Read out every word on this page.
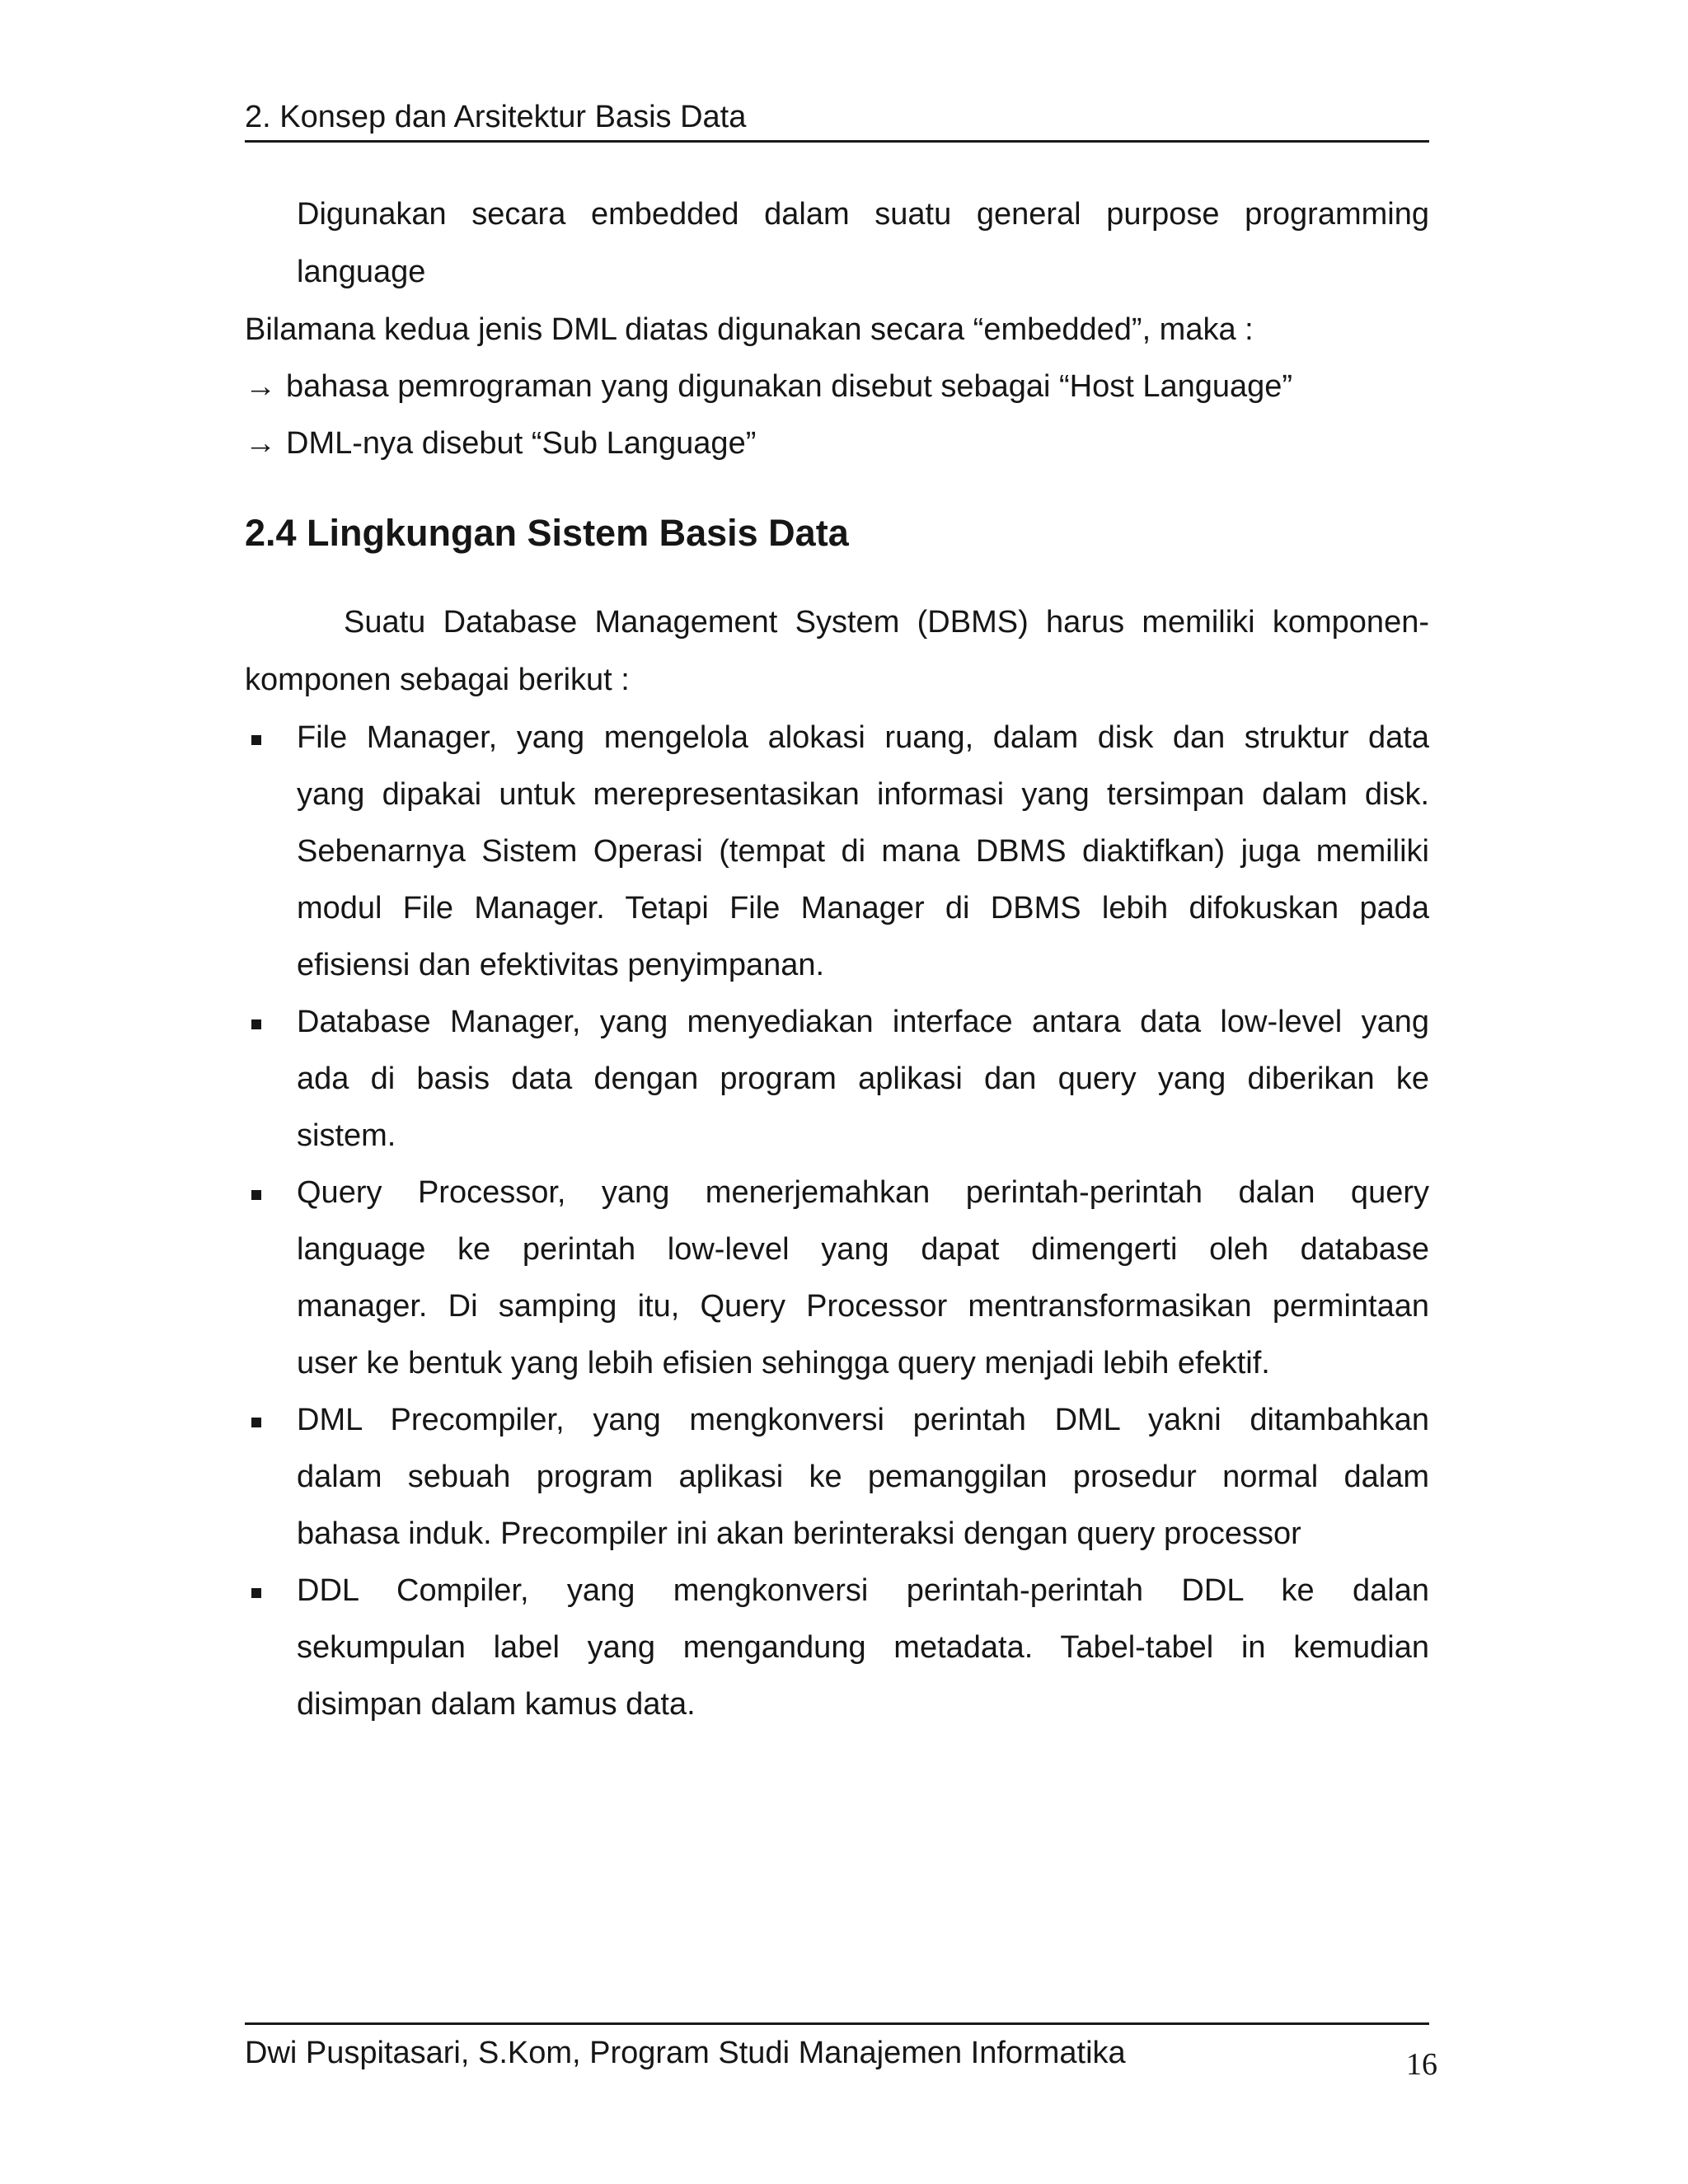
2. Konsep dan Arsitektur Basis Data
Digunakan secara embedded dalam suatu general purpose programming
language
Bilamana kedua jenis DML diatas digunakan secara “embedded”, maka :
→ bahasa pemrograman yang digunakan disebut sebagai “Host Language”
→ DML-nya disebut “Sub Language”
2.4 Lingkungan Sistem Basis Data
Suatu Database Management System (DBMS) harus memiliki komponen-
komponen sebagai berikut :
File Manager, yang mengelola alokasi ruang, dalam disk dan struktur data
yang dipakai untuk merepresentasikan informasi yang tersimpan dalam disk.
Sebenarnya Sistem Operasi (tempat di mana DBMS diaktifkan) juga memiliki
modul File Manager. Tetapi File Manager di DBMS lebih difokuskan pada
efisiensi dan efektivitas penyimpanan.
Database Manager, yang menyediakan interface antara data low-level yang
ada di basis data dengan program aplikasi dan query yang diberikan ke
sistem.
Query Processor, yang menerjemahkan perintah-perintah dalan query
language ke perintah low-level yang dapat dimengerti oleh database
manager. Di samping itu, Query Processor mentransformasikan permintaan
user ke bentuk yang lebih efisien sehingga query menjadi lebih efektif.
DML Precompiler, yang mengkonversi perintah DML yakni ditambahkan
dalam sebuah program aplikasi ke pemanggilan prosedur normal dalam
bahasa induk. Precompiler ini akan berinteraksi dengan query processor
DDL Compiler, yang mengkonversi perintah-perintah DDL ke dalan
sekumpulan label yang mengandung metadata. Tabel-tabel in kemudian
disimpan dalam kamus data.
Dwi Puspitasari, S.Kom, Program Studi Manajemen Informatika	16
